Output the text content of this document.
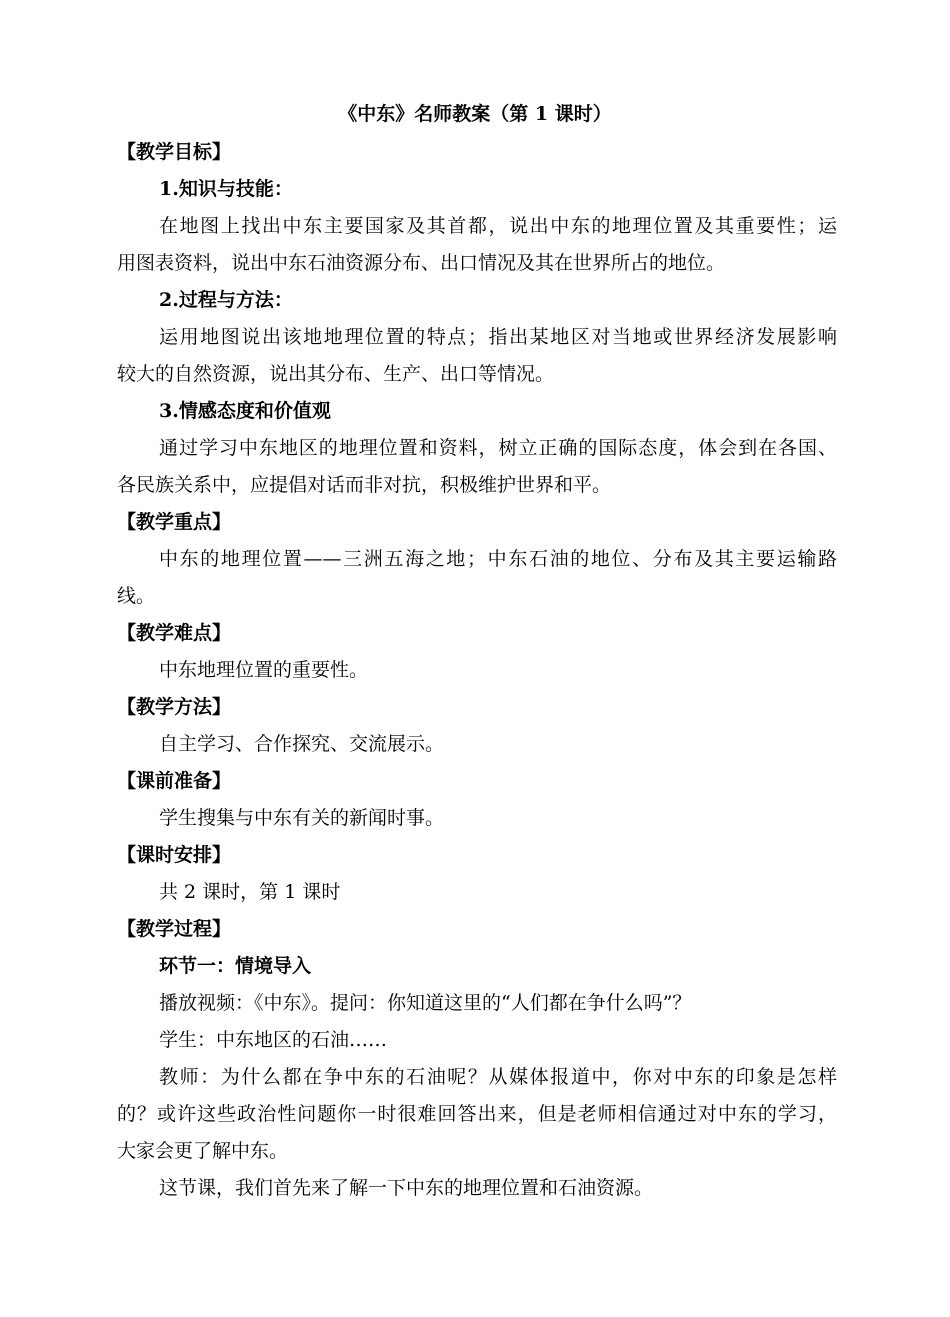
《中东》名师教案（第 1 课时）
【教学目标】
1.知识与技能：
在地图上找出中东主要国家及其首都，说出中东的地理位置及其重要性；运
用图表资料，说出中东石油资源分布、出口情况及其在世界所占的地位。
2.过程与方法：
运用地图说出该地地理位置的特点；指出某地区对当地或世界经济发展影响
较大的自然资源，说出其分布、生产、出口等情况。
3.情感态度和价值观
通过学习中东地区的地理位置和资料，树立正确的国际态度，体会到在各国、
各民族关系中，应提倡对话而非对抗，积极维护世界和平。
【教学重点】
中东的地理位置——三洲五海之地；中东石油的地位、分布及其主要运输路
线。
【教学难点】
中东地理位置的重要性。
【教学方法】
自主学习、合作探究、交流展示。
【课前准备】
学生搜集与中东有关的新闻时事。
【课时安排】
共 2 课时，第 1 课时
【教学过程】
环节一：情境导入
播放视频：《中东》。提问：你知道这里的“人们都在争什么吗”？
学生：中东地区的石油……
教师：为什么都在争中东的石油呢？从媒体报道中，你对中东的印象是怎样
的？或许这些政治性问题你一时很难回答出来，但是老师相信通过对中东的学习，
大家会更了解中东。
这节课，我们首先来了解一下中东的地理位置和石油资源。
